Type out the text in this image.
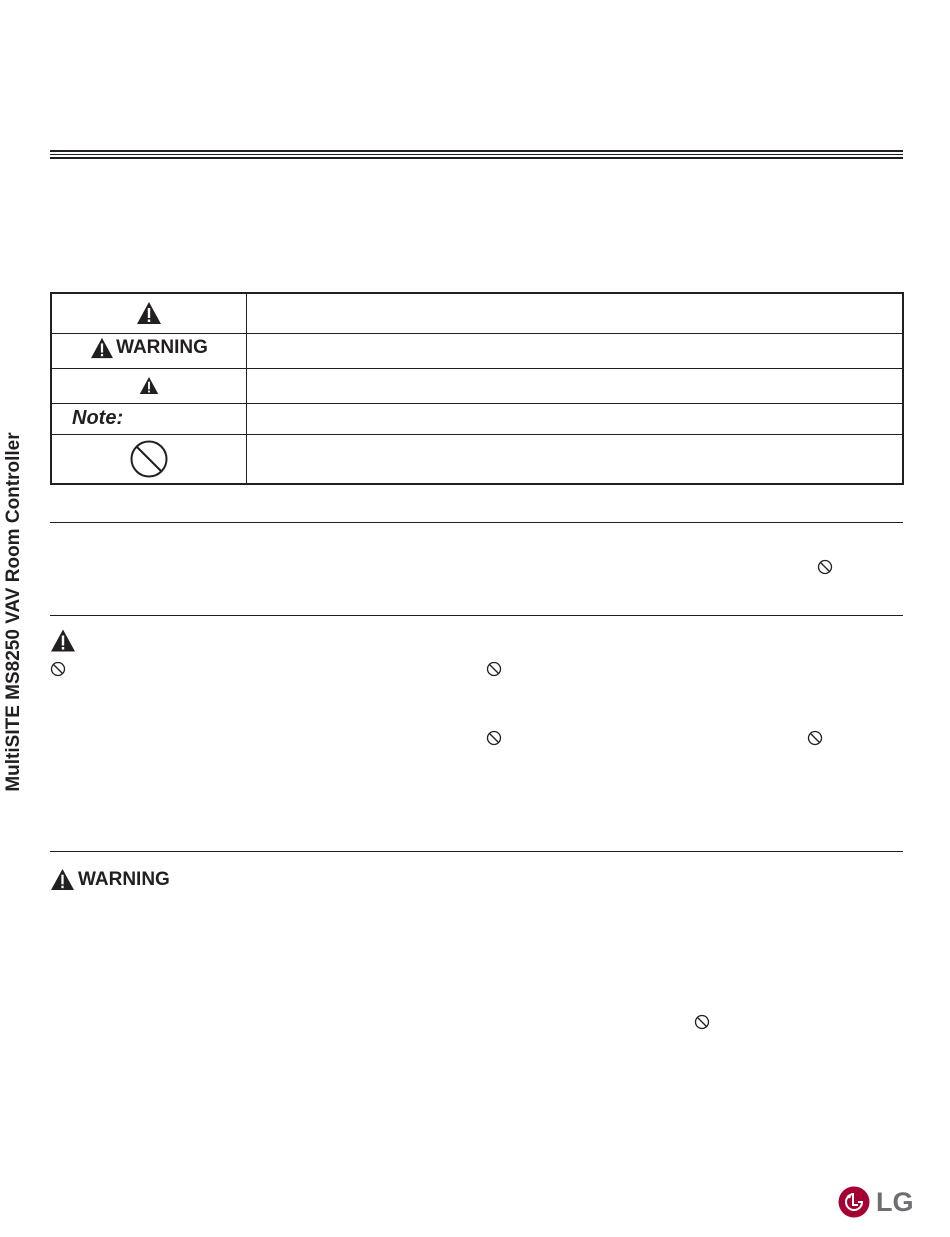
MultiSITE MS8250 VAV Room Controller

WARNING	

Note:	

WARNING
LG
